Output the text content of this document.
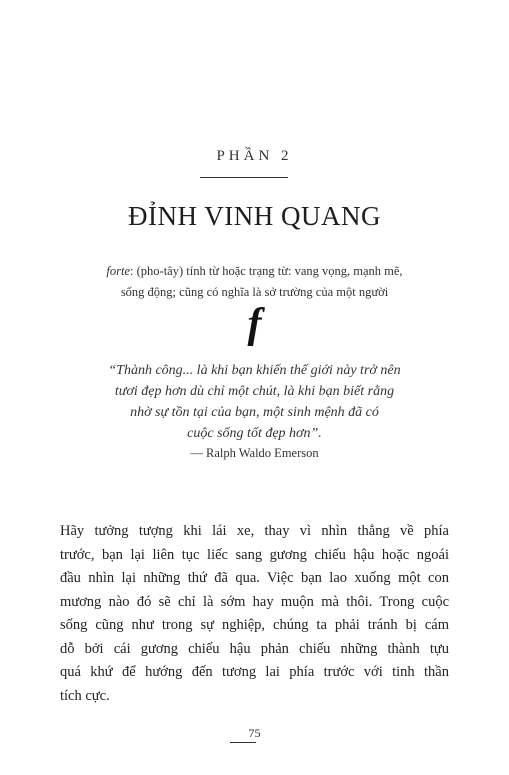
PHẦN 2
ĐỈNH VINH QUANG
forte: (pho-tây) tính từ hoặc trạng từ: vang vọng, mạnh mẽ,
sống động; cũng có nghĩa là sở trường của một người
f
“Thành công... là khi bạn khiến thế giới này trở nên
tươi đẹp hơn dù chỉ một chút, là khi bạn biết rằng
nhờ sự tồn tại của bạn, một sinh mệnh đã có
cuộc sống tốt đẹp hơn”.
— Ralph Waldo Emerson
Hãy tưởng tượng khi lái xe, thay vì nhìn thẳng về phía
trước, bạn lại liên tục liếc sang gương chiếu hậu hoặc ngoái
đầu nhìn lại những thứ đã qua. Việc bạn lao xuống một con
mương nào đó sẽ chỉ là sớm hay muộn mà thôi. Trong cuộc
sống cũng như trong sự nghiệp, chúng ta phải tránh bị cám
dỗ bởi cái gương chiếu hậu phản chiếu những thành tựu
quá khứ để hướng đến tương lai phía trước với tinh thần
tích cực.
75
